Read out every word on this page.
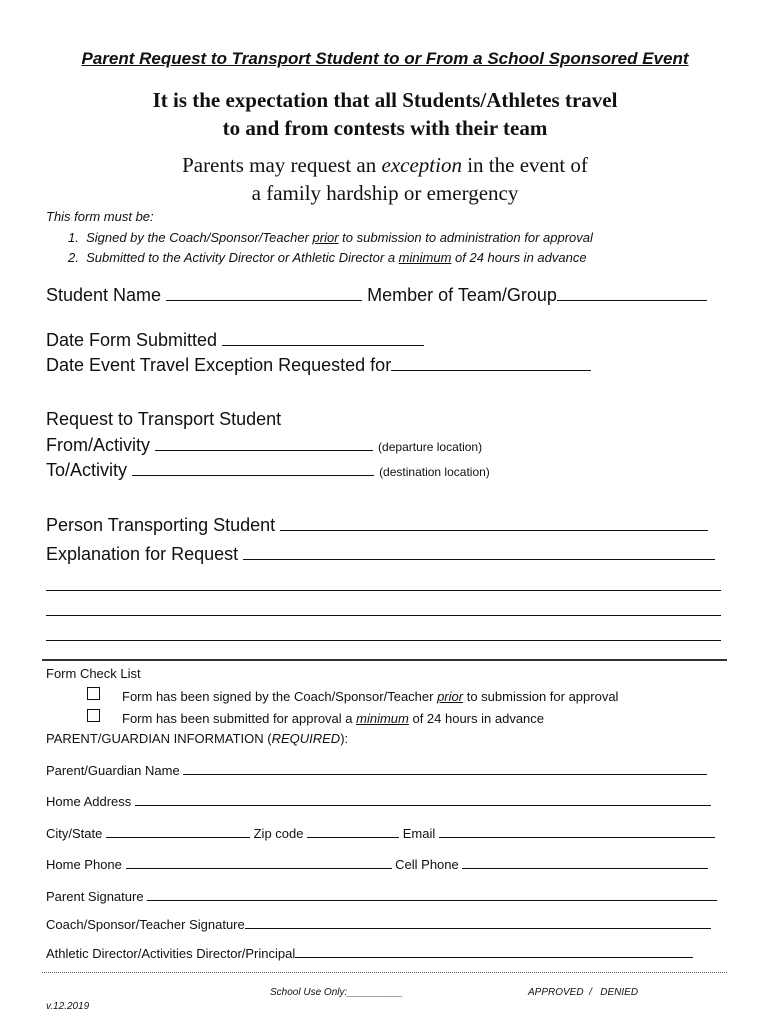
Parent Request to Transport Student to or From a School Sponsored Event
It is the expectation that all Students/Athletes travel
to and from contests with their team
Parents may request an exception in the event of
a family hardship or emergency
This form must be:
1. Signed by the Coach/Sponsor/Teacher prior to submission to administration for approval
2. Submitted to the Activity Director or Athletic Director a minimum of 24 hours in advance
Student Name	Member of Team/Group
Date Form Submitted
Date Event Travel Exception Requested for
Request to Transport Student
From/Activity	(departure location)
To/Activity	(destination location)
Person Transporting Student
Explanation for Request
Form Check List
Form has been signed by the Coach/Sponsor/Teacher prior to submission for approval
Form has been submitted for approval a minimum of 24 hours in advance
PARENT/GUARDIAN INFORMATION (REQUIRED):
Parent/Guardian Name
Home Address
City/State	Zip code	Email
Home Phone	Cell Phone
Parent Signature
Coach/Sponsor/Teacher Signature
Athletic Director/Activities Director/Principal
School Use Only:__________	APPROVED / DENIED
v.12.2019
